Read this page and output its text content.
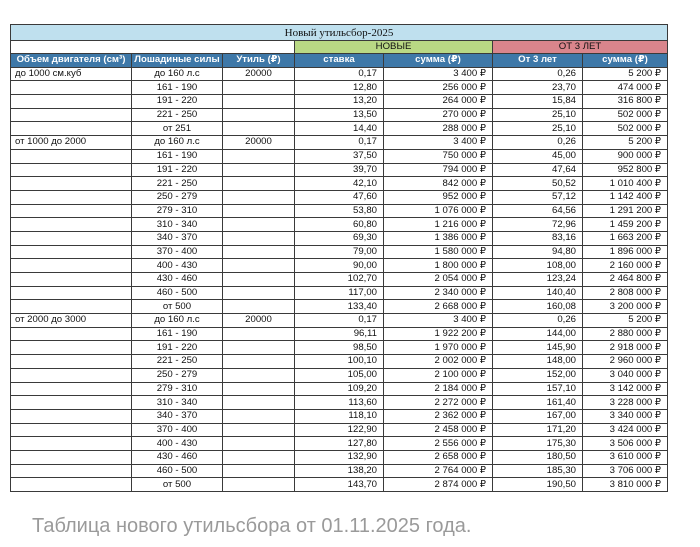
Новый утильсбор-2025						
			НОВЫЕ		ОТ 3 ЛЕТ	
Объем двигателя (см³)	Лошадиные силы	Утиль (₽)	ставка	сумма (₽)	От 3 лет	сумма (₽)
до 1000 см.куб	до 160 л.с	20000	0,17	3 400 ₽	0,26	5 200 ₽
	161 - 190		12,80	256 000 ₽	23,70	474 000 ₽
	191 - 220		13,20	264 000 ₽	15,84	316 800 ₽
	221 - 250		13,50	270 000 ₽	25,10	502 000 ₽
	от 251		14,40	288 000 ₽	25,10	502 000 ₽
от 1000 до 2000	до 160 л.с	20000	0,17	3 400 ₽	0,26	5 200 ₽
	161 - 190		37,50	750 000 ₽	45,00	900 000 ₽
	191 - 220		39,70	794 000 ₽	47,64	952 800 ₽
	221 - 250		42,10	842 000 ₽	50,52	1 010 400 ₽
	250 - 279		47,60	952 000 ₽	57,12	1 142 400 ₽
	279 - 310		53,80	1 076 000 ₽	64,56	1 291 200 ₽
	310 - 340		60,80	1 216 000 ₽	72,96	1 459 200 ₽
	340 - 370		69,30	1 386 000 ₽	83,16	1 663 200 ₽
	370 - 400		79,00	1 580 000 ₽	94,80	1 896 000 ₽
	400 - 430		90,00	1 800 000 ₽	108,00	2 160 000 ₽
	430 - 460		102,70	2 054 000 ₽	123,24	2 464 800 ₽
	460 - 500		117,00	2 340 000 ₽	140,40	2 808 000 ₽
	от 500		133,40	2 668 000 ₽	160,08	3 200 000 ₽
от 2000 до 3000	до 160 л.с	20000	0,17	3 400 ₽	0,26	5 200 ₽
	161 - 190		96,11	1 922 200 ₽	144,00	2 880 000 ₽
	191 - 220		98,50	1 970 000 ₽	145,90	2 918 000 ₽
	221 - 250		100,10	2 002 000 ₽	148,00	2 960 000 ₽
	250 - 279		105,00	2 100 000 ₽	152,00	3 040 000 ₽
	279 - 310		109,20	2 184 000 ₽	157,10	3 142 000 ₽
	310 - 340		113,60	2 272 000 ₽	161,40	3 228 000 ₽
	340 - 370		118,10	2 362 000 ₽	167,00	3 340 000 ₽
	370 - 400		122,90	2 458 000 ₽	171,20	3 424 000 ₽
	400 - 430		127,80	2 556 000 ₽	175,30	3 506 000 ₽
	430 - 460		132,90	2 658 000 ₽	180,50	3 610 000 ₽
	460 - 500		138,20	2 764 000 ₽	185,30	3 706 000 ₽
	от 500		143,70	2 874 000 ₽	190,50	3 810 000 ₽
Таблица нового утильсбора от 01.11.2025 года.
